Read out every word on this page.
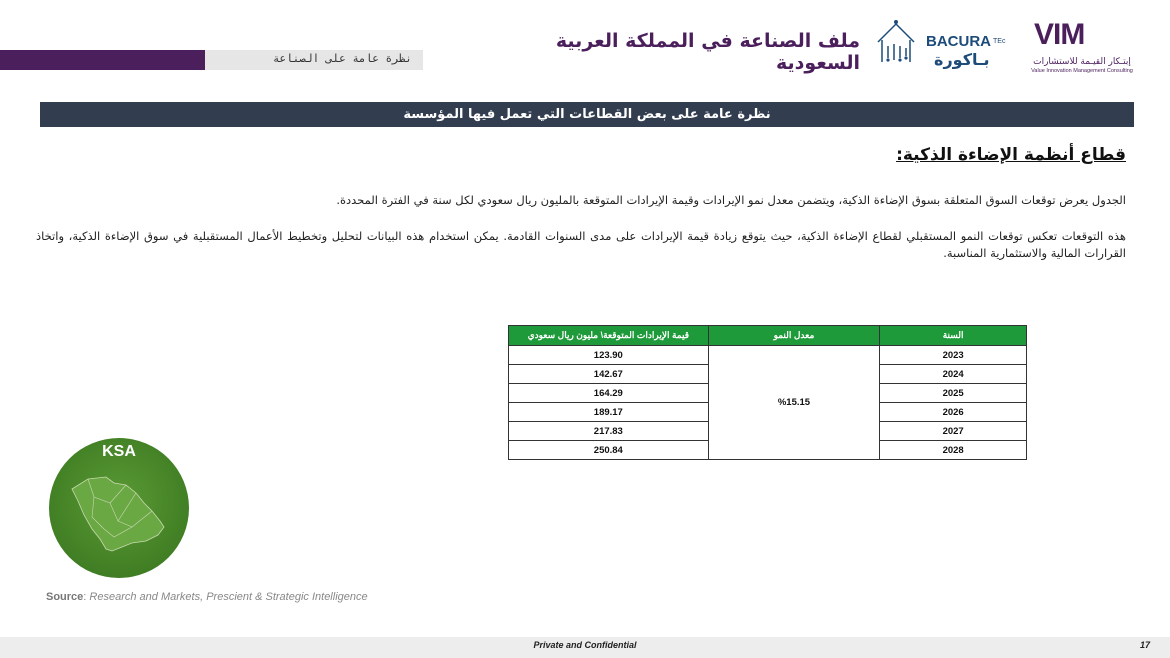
نظرة عامة على الصناعة
ملف الصناعة في المملكة العربية السعودية
BACURA TEc
بـاكورة
VIM
إبتـكار القيـمة للاستشارات
Value Innovation Management Consulting
نظرة عامة على بعض القطاعات التي تعمل فيها المؤسسة
قطاع أنظمة الإضاءة الذكية:

الجدول يعرض توقعات السوق المتعلقة بسوق الإضاءة الذكية، ويتضمن معدل نمو الإيرادات وقيمة الإيرادات المتوقعة بالمليون ريال سعودي لكل سنة في الفترة المحددة.

هذه التوقعات تعكس توقعات النمو المستقبلي لقطاع الإضاءة الذكية، حيث يتوقع زيادة قيمة الإيرادات على مدى السنوات القادمة. يمكن استخدام هذه البيانات لتحليل وتخطيط الأعمال المستقبلية في سوق الإضاءة الذكية، واتخاذ القرارات المالية والاستثمارية المناسبة.

السنة	معدل النمو	قيمة الإيرادات المتوقعة\ مليون ريال سعودي
2023	%15.15	123.90
2024		142.67
2025		164.29
2026		189.17
2027		217.83
2028		250.84
KSA
Source: Research and Markets, Prescient & Strategic Intelligence
Private and Confidential	17
